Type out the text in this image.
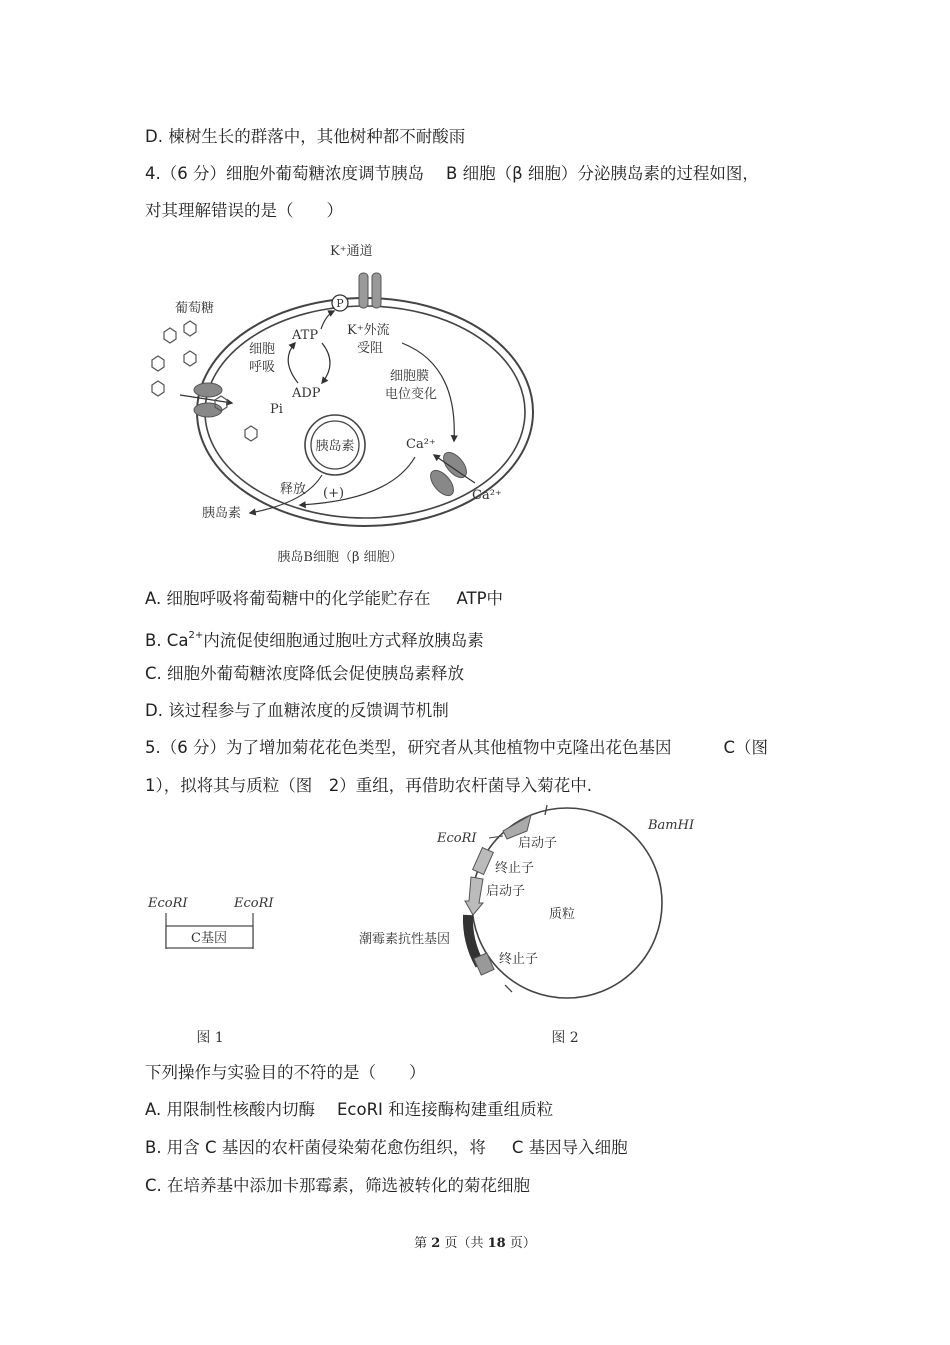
D. 楝树生长的群落中，其他树种都不耐酸雨
4.（6 分）细胞外葡萄糖浓度调节胰岛 B 细胞（β 细胞）分泌胰岛素的过程如图，
对其理解错误的是（　　）
K⁺通道
P
葡萄糖
细胞
呼吸
ATP
ADP
Pi
K⁺外流
受阻
细胞膜
电位变化
胰岛素	Ca²⁺
Ca²⁺
(+)
释放
胰岛素
胰岛B细胞（β 细胞）
A. 细胞呼吸将葡萄糖中的化学能贮存在 ATP中
B. $Ca^{2+}$内流促使细胞通过胞吐方式释放胰岛素
C. 细胞外葡萄糖浓度降低会促使胰岛素释放
D. 该过程参与了血糖浓度的反馈调节机制
5.（6 分）为了增加菊花花色类型，研究者从其他植物中克隆出花色基因	C（图
1），拟将其与质粒（图　2）重组，再借助农杆菌导入菊花中.
EcoRⅠ	EcoRⅠ
C基因
图 1
EcoRⅠ
BamHⅠ
启动子
终止子
启动子
质粒
潮霉素抗性基因
终止子
图 2
下列操作与实验目的不符的是（　　）
A. 用限制性核酸内切酶 EcoRI 和连接酶构建重组质粒
B. 用含 C 基因的农杆菌侵染菊花愈伤组织，将 C 基因导入细胞
C. 在培养基中添加卡那霉素，筛选被转化的菊花细胞
第 2 页（共 18 页）
